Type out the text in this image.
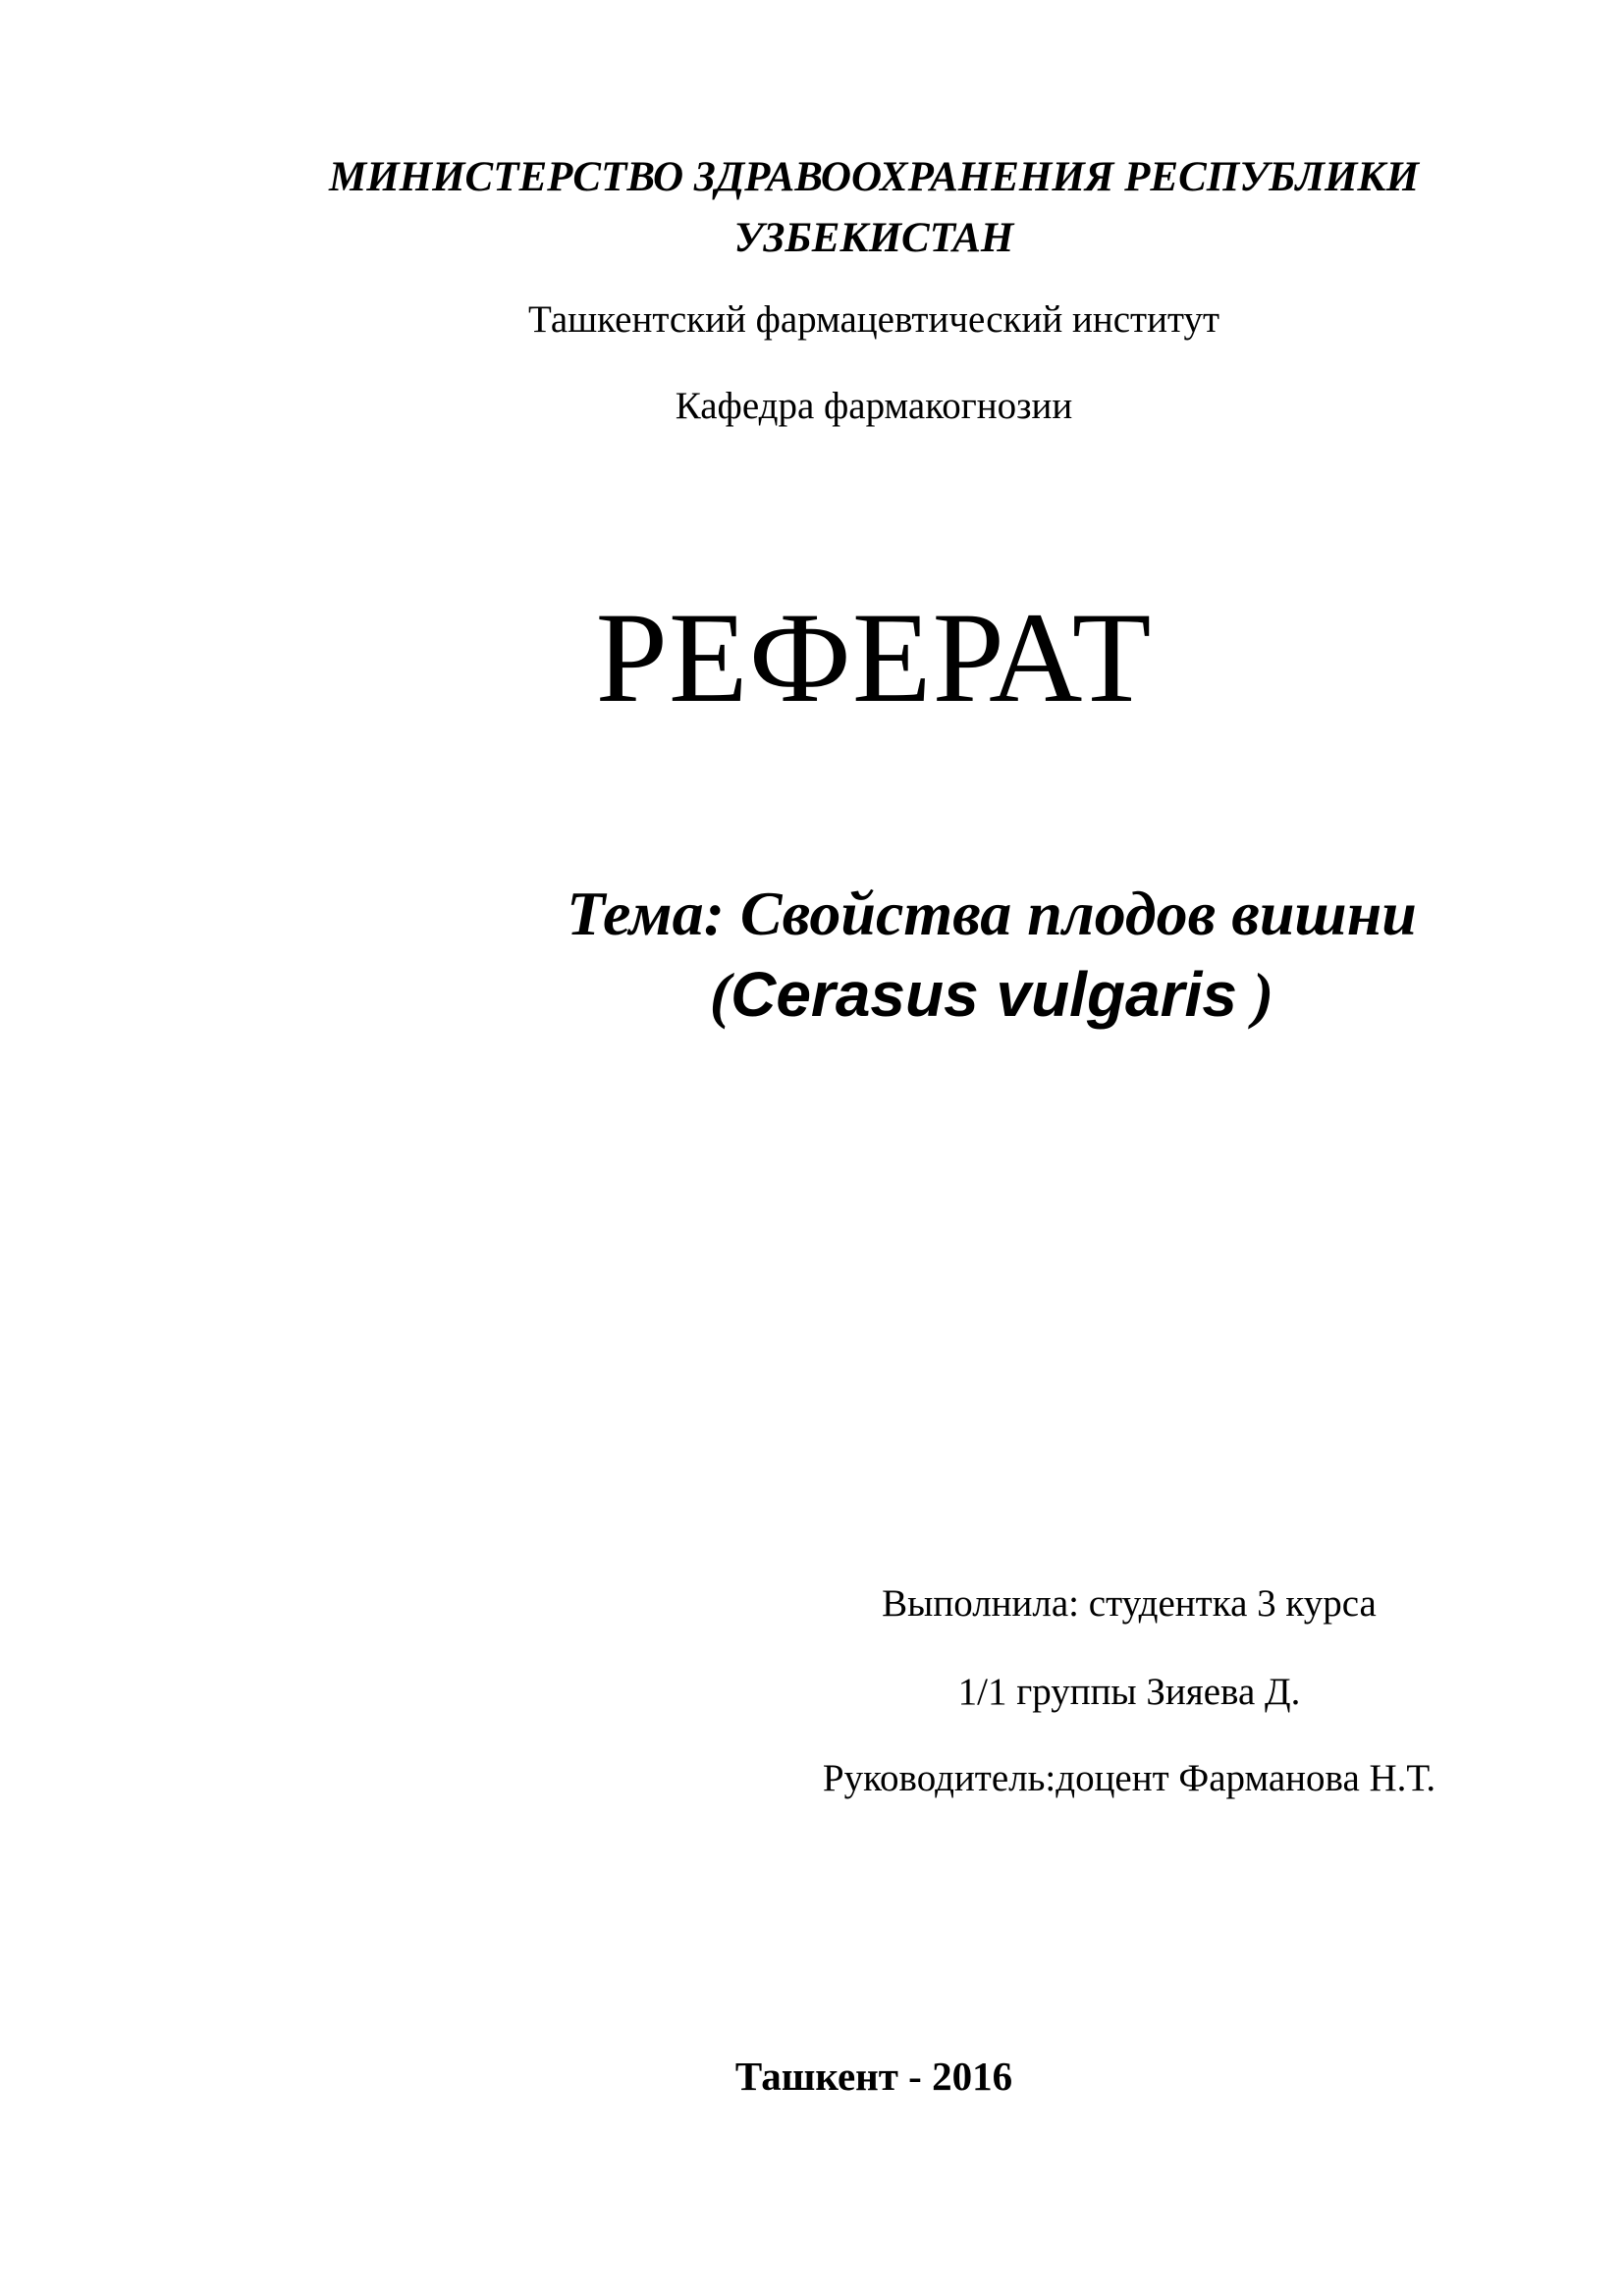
МИНИСТЕРСТВО ЗДРАВООХРАНЕНИЯ РЕСПУБЛИКИ
УЗБЕКИСТАН
Ташкентский фармацевтический институт
Кафедра фармакогнозии
РЕФЕРАТ
Тема: Свойства плодов вишни
(Cerasus vulgaris )
Выполнила: студентка 3 курса
1/1 группы Зияева Д.
Руководитель:доцент Фарманова Н.Т.
Ташкент - 2016
